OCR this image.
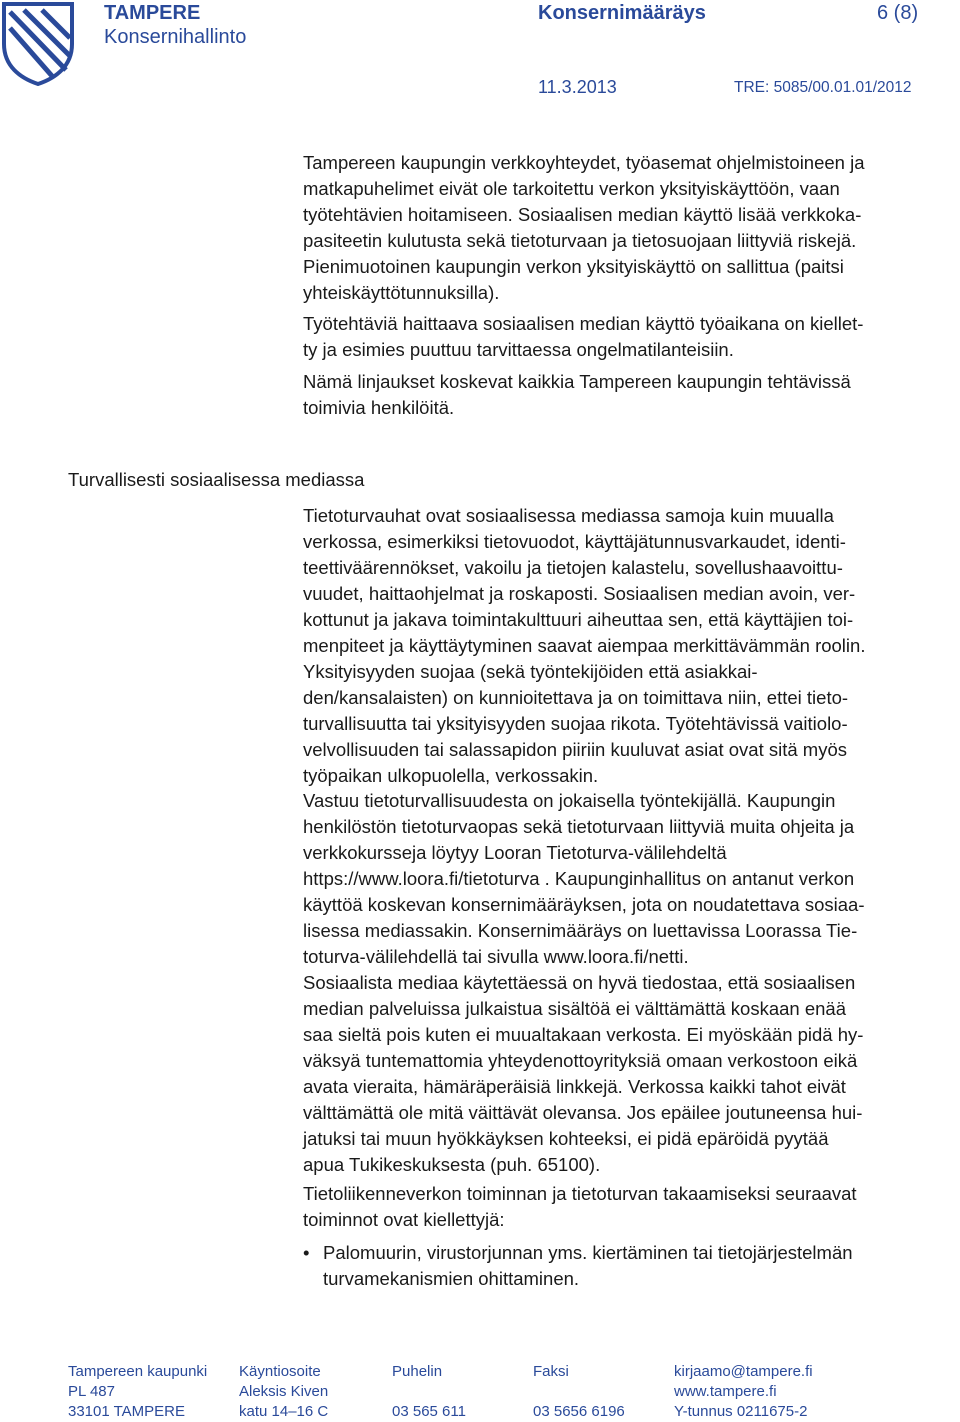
TAMPERE
Konsernihallinto
Konsernimääräys	6 (8)
11.3.2013	TRE: 5085/00.01.01/2012
Tampereen kaupungin verkkoyhteydet, työasemat ohjelmistoineen ja
matkapuhelimet eivät ole tarkoitettu verkon yksityiskäyttöön, vaan
työtehtävien hoitamiseen. Sosiaalisen median käyttö lisää verkkoka-
pasiteetin kulutusta sekä tietoturvaan ja tietosuojaan liittyviä riskejä.
Pienimuotoinen kaupungin verkon yksityiskäyttö on sallittua (paitsi
yhteiskäyttötunnuksilla).
Työtehtäviä haittaava sosiaalisen median käyttö työaikana on kiellet-
ty ja esimies puuttuu tarvittaessa ongelmatilanteisiin.
Nämä linjaukset koskevat kaikkia Tampereen kaupungin tehtävissä
toimivia henkilöitä.
Turvallisesti sosiaalisessa mediassa
Tietoturvauhat ovat sosiaalisessa mediassa samoja kuin muualla
verkossa, esimerkiksi tietovuodot, käyttäjätunnusvarkaudet, identi-
teettiväärennökset, vakoilu ja tietojen kalastelu, sovellushaavoittu-
vuudet, haittaohjelmat ja roskaposti. Sosiaalisen median avoin, ver-
kottunut ja jakava toimintakulttuuri aiheuttaa sen, että käyttäjien toi-
menpiteet ja käyttäytyminen saavat aiempaa merkittävämmän roolin.
Yksityisyyden suojaa (sekä työntekijöiden että asiakkai-
den/kansalaisten) on kunnioitettava ja on toimittava niin, ettei tieto-
turvallisuutta tai yksityisyyden suojaa rikota. Työtehtävissä vaitiolo-
velvollisuuden tai salassapidon piiriin kuuluvat asiat ovat sitä myös
työpaikan ulkopuolella, verkossakin.
Vastuu tietoturvallisuudesta on jokaisella työntekijällä. Kaupungin
henkilöstön tietoturvaopas sekä tietoturvaan liittyviä muita ohjeita ja
verkkokursseja löytyy Looran Tietoturva-välilehdeltä
https://www.loora.fi/tietoturva . Kaupunginhallitus on antanut verkon
käyttöä koskevan konsernimääräyksen, jota on noudatettava sosiaa-
lisessa mediassakin. Konsernimääräys on luettavissa Loorassa Tie-
toturva-välilehdellä tai sivulla www.loora.fi/netti.
Sosiaalista mediaa käytettäessä on hyvä tiedostaa, että sosiaalisen
median palveluissa julkaistua sisältöä ei välttämättä koskaan enää
saa sieltä pois kuten ei muualtakaan verkosta. Ei myöskään pidä hy-
väksyä tuntemattomia yhteydenottoyrityksiä omaan verkostoon eikä
avata vieraita, hämäräperäisiä linkkejä. Verkossa kaikki tahot eivät
välttämättä ole mitä väittävät olevansa. Jos epäilee joutuneensa hui-
jatuksi tai muun hyökkäyksen kohteeksi, ei pidä epäröidä pyytää
apua Tukikeskuksesta (puh. 65100).
Tietoliikenneverkon toiminnan ja tietoturvan takaamiseksi seuraavat
toiminnot ovat kiellettyjä:
• Palomuurin, virustorjunnan yms. kiertäminen tai tietojärjestelmän
turvamekanismien ohittaminen.
Tampereen kaupunki
PL 487
33101 TAMPERE
Käyntiosoite
Aleksis Kiven
katu 14–16 C
Puhelin
03 565 611
Faksi
03 5656 6196
kirjaamo@tampere.fi
www.tampere.fi
Y-tunnus 0211675-2
